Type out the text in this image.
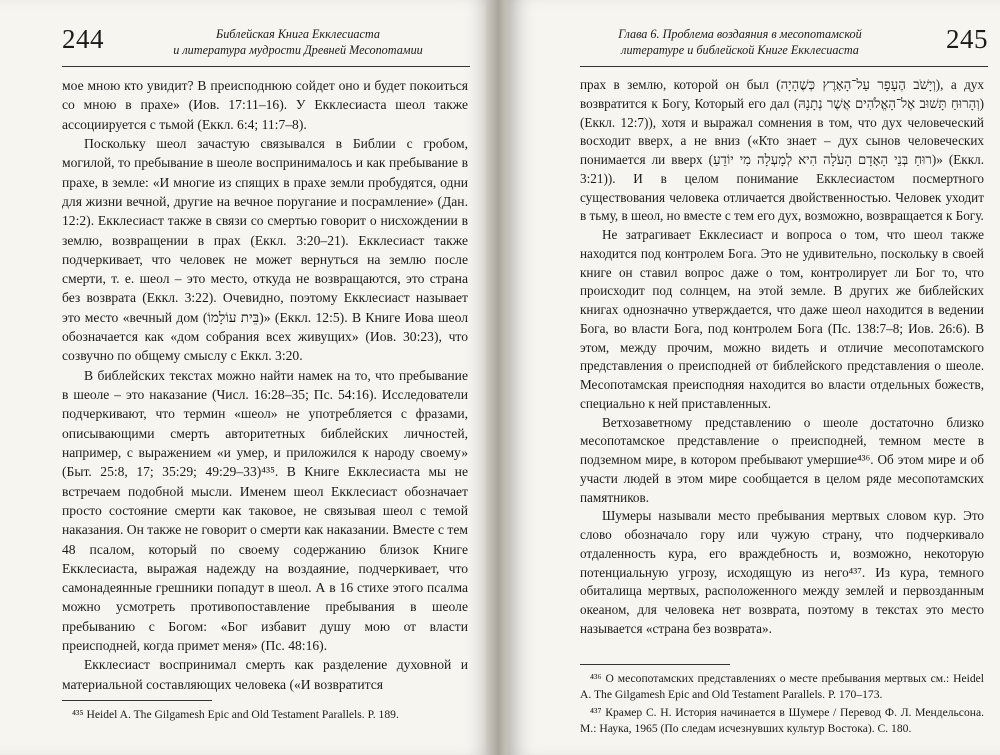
244	Библейская Книга Екклесиаста
и литература мудрости Древней Месопотамии

мое мною кто увидит? В преисподнюю сойдет оно и будет покоиться со мною в прахе» (Иов. 17:11–16). У Екклесиаста шеол также ассоциируется с тьмой (Еккл. 6:4; 11:7–8).

Поскольку шеол зачастую связывался в Библии с гробом, могилой, то пребывание в шеоле воспринималось и как пребывание в прахе, в земле: «И многие из спящих в прахе земли пробудятся, одни для жизни вечной, другие на вечное поругание и посрамление» (Дан. 12:2). Екклесиаст также в связи со смертью говорит о нисхождении в землю, возвращении в прах (Еккл. 3:20–21). Екклесиаст также подчеркивает, что человек не может вернуться на землю после смерти, т. е. шеол – это место, откуда не возвращаются, это страна без возврата (Еккл. 3:22). Очевидно, поэтому Екклесиаст называет это место «вечный дом (בֵּית עוֹלָמוֹ)» (Еккл. 12:5). В Книге Иова шеол обозначается как «дом собрания всех живущих» (Иов. 30:23), что созвучно по общему смыслу с Еккл. 3:20.

В библейских текстах можно найти намек на то, что пребывание в шеоле – это наказание (Числ. 16:28–35; Пс. 54:16). Исследователи подчеркивают, что термин «шеол» не употребляется с фразами, описывающими смерть авторитетных библейских личностей, например, с выражением «и умер, и приложился к народу своему» (Быт. 25:8, 17; 35:29; 49:29–33)⁴³⁵. В Книге Екклесиаста мы не встречаем подобной мысли. Именем шеол Екклесиаст обозначает просто состояние смерти как таковое, не связывая шеол с темой наказания. Он также не говорит о смерти как наказании. Вместе с тем 48 псалом, который по своему содержанию близок Книге Екклесиаста, выражая надежду на воздаяние, подчеркивает, что самонадеянные грешники попадут в шеол. А в 16 стихе этого псалма можно усмотреть противопоставление пребывания в шеоле пребыванию с Богом: «Бог избавит душу мою от власти преисподней, когда примет меня» (Пс. 48:16).

Екклесиаст воспринимал смерть как разделение духовной и материальной составляющих человека («И возвратится

⁴³⁵ Heidel A. The Gilgamesh Epic and Old Testament Parallels. P. 189.

Глава 6. Проблема воздаяния в месопотамской
литературе и библейской Книге Екклесиаста	245

прах в землю, которой он был (וְיָשֹׁב הֶעָפָר עַל־הָאָרֶץ כְּשֶׁהָיָה), а дух возвратится к Богу, Который его дал (וְהָרוּחַ תָּשׁוּב אֶל־הָאֱלֹהִים אֲשֶׁר נְתָנָהּ) (Еккл. 12:7)), хотя и выражал сомнения в том, что дух человеческий восходит вверх, а не вниз («Кто знает – дух сынов человеческих понимается ли вверх (רוּחַ בְּנֵי הָאָדָם הָעֹלָה הִיא לְמָעְלָה מִי יוֹדֵעַ)» (Еккл. 3:21)). И в целом понимание Екклесиастом посмертного существования человека отличается двойственностью. Человек уходит в тьму, в шеол, но вместе с тем его дух, возможно, возвращается к Богу.

Не затрагивает Екклесиаст и вопроса о том, что шеол также находится под контролем Бога. Это не удивительно, поскольку в своей книге он ставил вопрос даже о том, контролирует ли Бог то, что происходит под солнцем, на этой земле. В других же библейских книгах однозначно утверждается, что даже шеол находится в ведении Бога, во власти Бога, под контролем Бога (Пс. 138:7–8; Иов. 26:6). В этом, между прочим, можно видеть и отличие месопотамского представления о преисподней от библейского представления о шеоле. Месопотамская преисподняя находится во власти отдельных божеств, специально к ней приставленных.

Ветхозаветному представлению о шеоле достаточно близко месопотамское представление о преисподней, темном месте в подземном мире, в котором пребывают умершие⁴³⁶. Об этом мире и об участи людей в этом мире сообщается в целом ряде месопотамских памятников.

Шумеры называли место пребывания мертвых словом кур. Это слово обозначало гору или чужую страну, что подчеркивало отдаленность кура, его враждебность и, возможно, некоторую потенциальную угрозу, исходящую из него⁴³⁷. Из кура, темного обиталища мертвых, расположенного между землей и первозданным океаном, для человека нет возврата, поэтому в текстах это место называется «страна без возврата».

⁴³⁶ О месопотамских представлениях о месте пребывания мертвых см.: Heidel A. The Gilgamesh Epic and Old Testament Parallels. P. 170–173.

⁴³⁷ Крамер С. Н. История начинается в Шумере / Перевод Ф. Л. Мендельсона. М.: Наука, 1965 (По следам исчезнувших культур Востока). С. 180.
